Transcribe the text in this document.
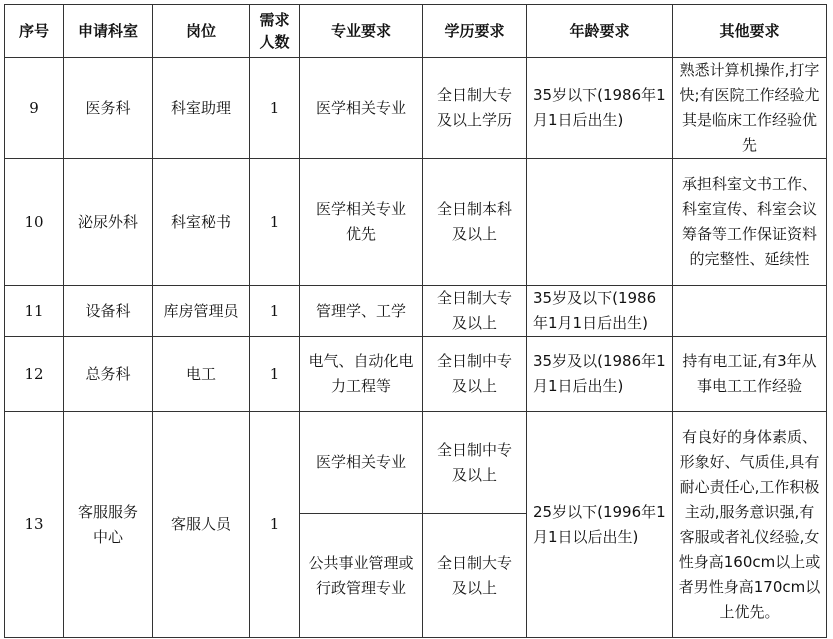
序号	申请科室	岗位	需求人数	专业要求	学历要求	年龄要求	其他要求
9	医务科	科室助理	1	医学相关专业	全日制大专及以上学历	35岁以下(1986年1月1日后出生)	熟悉计算机操作,打字快;有医院工作经验尤其是临床工作经验优先
10	泌尿外科	科室秘书	1	医学相关专业优先	全日制本科及以上		承担科室文书工作、科室宣传、科室会议筹备等工作保证资料的完整性、延续性
11	设备科	库房管理员	1	管理学、工学	全日制大专及以上	35岁及以下(1986年1月1日后出生)	
12	总务科	电工	1	电气、自动化电力工程等	全日制中专及以上	35岁及以(1986年1月1日后出生)	持有电工证,有3年从事电工工作经验
13	客服服务中心	客服人员	1	医学相关专业	全日制中专及以上	25岁以下(1996年1月1日以后出生)	有良好的身体素质、形象好、气质佳,具有耐心责任心,工作积极主动,服务意识强,有客服或者礼仪经验,女性身高160cm以上或者男性身高170cm以上优先。
				公共事业管理或行政管理专业	全日制大专及以上		
